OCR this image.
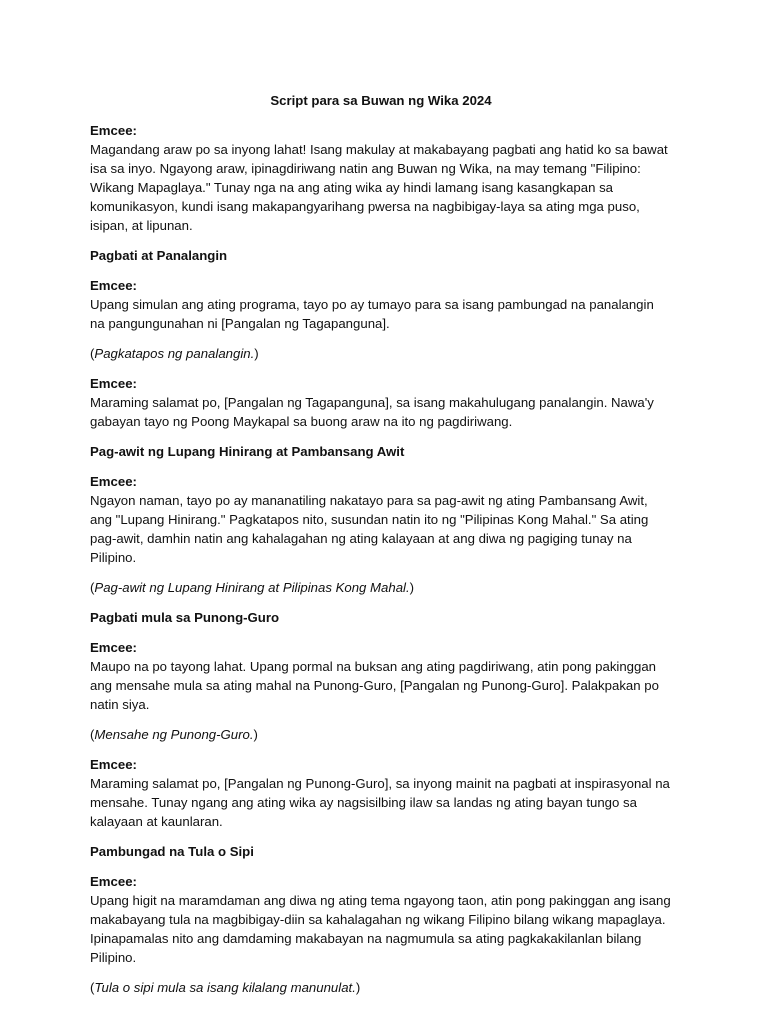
Script para sa Buwan ng Wika 2024
Emcee:
Magandang araw po sa inyong lahat! Isang makulay at makabayang pagbati ang hatid ko sa bawat isa sa inyo. Ngayong araw, ipinagdiriwang natin ang Buwan ng Wika, na may temang "Filipino: Wikang Mapaglaya." Tunay nga na ang ating wika ay hindi lamang isang kasangkapan sa komunikasyon, kundi isang makapangyarihang pwersa na nagbibigay-laya sa ating mga puso, isipan, at lipunan.
Pagbati at Panalangin
Emcee:
Upang simulan ang ating programa, tayo po ay tumayo para sa isang pambungad na panalangin na pangungunahan ni [Pangalan ng Tagapanguna].
(Pagkatapos ng panalangin.)
Emcee:
Maraming salamat po, [Pangalan ng Tagapanguna], sa isang makahulugang panalangin. Nawa'y gabayan tayo ng Poong Maykapal sa buong araw na ito ng pagdiriwang.
Pag-awit ng Lupang Hinirang at Pambansang Awit
Emcee:
Ngayon naman, tayo po ay mananatiling nakatayo para sa pag-awit ng ating Pambansang Awit, ang "Lupang Hinirang." Pagkatapos nito, susundan natin ito ng "Pilipinas Kong Mahal." Sa ating pag-awit, damhin natin ang kahalagahan ng ating kalayaan at ang diwa ng pagiging tunay na Pilipino.
(Pag-awit ng Lupang Hinirang at Pilipinas Kong Mahal.)
Pagbati mula sa Punong-Guro
Emcee:
Maupo na po tayong lahat. Upang pormal na buksan ang ating pagdiriwang, atin pong pakinggan ang mensahe mula sa ating mahal na Punong-Guro, [Pangalan ng Punong-Guro]. Palakpakan po natin siya.
(Mensahe ng Punong-Guro.)
Emcee:
Maraming salamat po, [Pangalan ng Punong-Guro], sa inyong mainit na pagbati at inspirasyonal na mensahe. Tunay ngang ang ating wika ay nagsisilbing ilaw sa landas ng ating bayan tungo sa kalayaan at kaunlaran.
Pambungad na Tula o Sipi
Emcee:
Upang higit na maramdaman ang diwa ng ating tema ngayong taon, atin pong pakinggan ang isang makabayang tula na magbibigay-diin sa kahalagahan ng wikang Filipino bilang wikang mapaglaya. Ipinapamalas nito ang damdaming makabayan na nagmumula sa ating pagkakakilanlan bilang Pilipino.
(Tula o sipi mula sa isang kilalang manunulat.)
